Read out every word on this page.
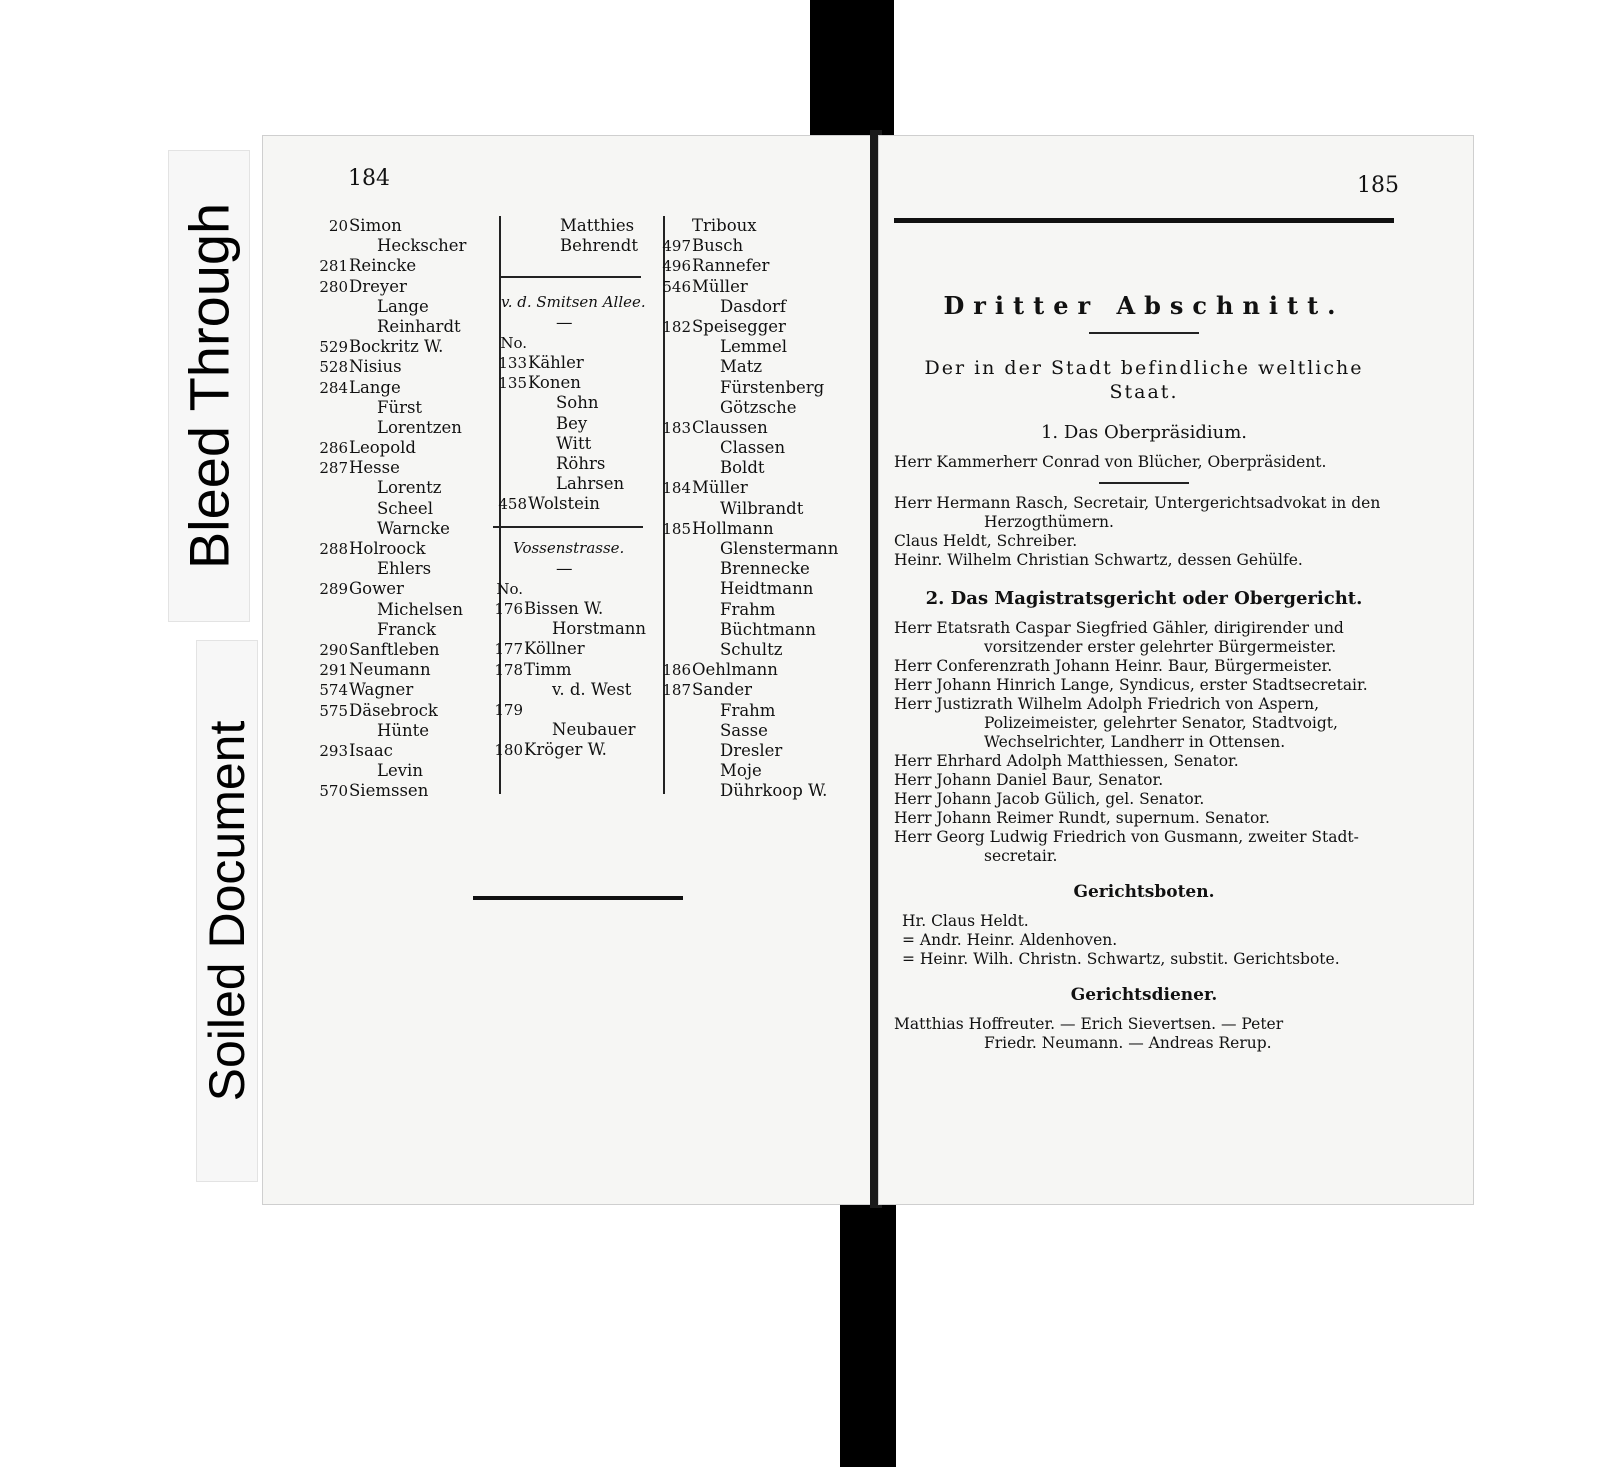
Bleed Through
Soiled Document
184
20Simon
Heckscher
281Reincke
280Dreyer
Lange
Reinhardt
529Bockritz W.
528Nisius
284Lange
Fürst
Lorentzen
286Leopold
287Hesse
Lorentz
Scheel
Warncke
288Holroock
Ehlers
289Gower
Michelsen
Franck
290Sanftleben
291Neumann
574Wagner
575Däsebrock
Hünte
293Isaac
Levin
570Siemssen
Matthies
Behrendt
v. d. Smitsen Allee.
—
No.
133Kähler
135Konen
Sohn
Bey
Witt
Röhrs
Lahrsen
458Wolstein
Vossenstrasse.
—
No.
176Bissen W.
Horstmann
177Köllner
178Timm
v. d. West
179
Neubauer
180Kröger W.
Triboux
497Busch
496Rannefer
546Müller
Dasdorf
182Speisegger
Lemmel
Matz
Fürstenberg
Götzsche
183Claussen
Classen
Boldt
184Müller
Wilbrandt
185Hollmann
Glenstermann
Brennecke
Heidtmann
Frahm
Büchtmann
Schultz
186Oehlmann
187Sander
Frahm
Sasse
Dresler
Moje
Dührkoop W.
185
Dritter Abschnitt.
Der in der Stadt befindliche weltliche
Staat.
1. Das Oberpräsidium.
Herr Kammerherr Conrad von Blücher, Oberpräsident.
Herr Hermann Rasch, Secretair, Untergerichtsadvokat in den
Herzogthümern.
Claus Heldt, Schreiber.
Heinr. Wilhelm Christian Schwartz, dessen Gehülfe.
2. Das Magistratsgericht oder Obergericht.
Herr Etatsrath Caspar Siegfried Gähler, dirigirender und
vorsitzender erster gelehrter Bürgermeister.
Herr Conferenzrath Johann Heinr. Baur, Bürgermeister.
Herr Johann Hinrich Lange, Syndicus, erster Stadtsecretair.
Herr Justizrath Wilhelm Adolph Friedrich von Aspern,
Polizeimeister, gelehrter Senator, Stadtvoigt,
Wechselrichter, Landherr in Ottensen.
Herr Ehrhard Adolph Matthiessen, Senator.
Herr Johann Daniel Baur, Senator.
Herr Johann Jacob Gülich, gel. Senator.
Herr Johann Reimer Rundt, supernum. Senator.
Herr Georg Ludwig Friedrich von Gusmann, zweiter Stadt-
secretair.
Gerichtsboten.
Hr. Claus Heldt.
= Andr. Heinr. Aldenhoven.
= Heinr. Wilh. Christn. Schwartz, substit. Gerichtsbote.
Gerichtsdiener.
Matthias Hoffreuter. — Erich Sievertsen. — Peter
Friedr. Neumann. — Andreas Rerup.
